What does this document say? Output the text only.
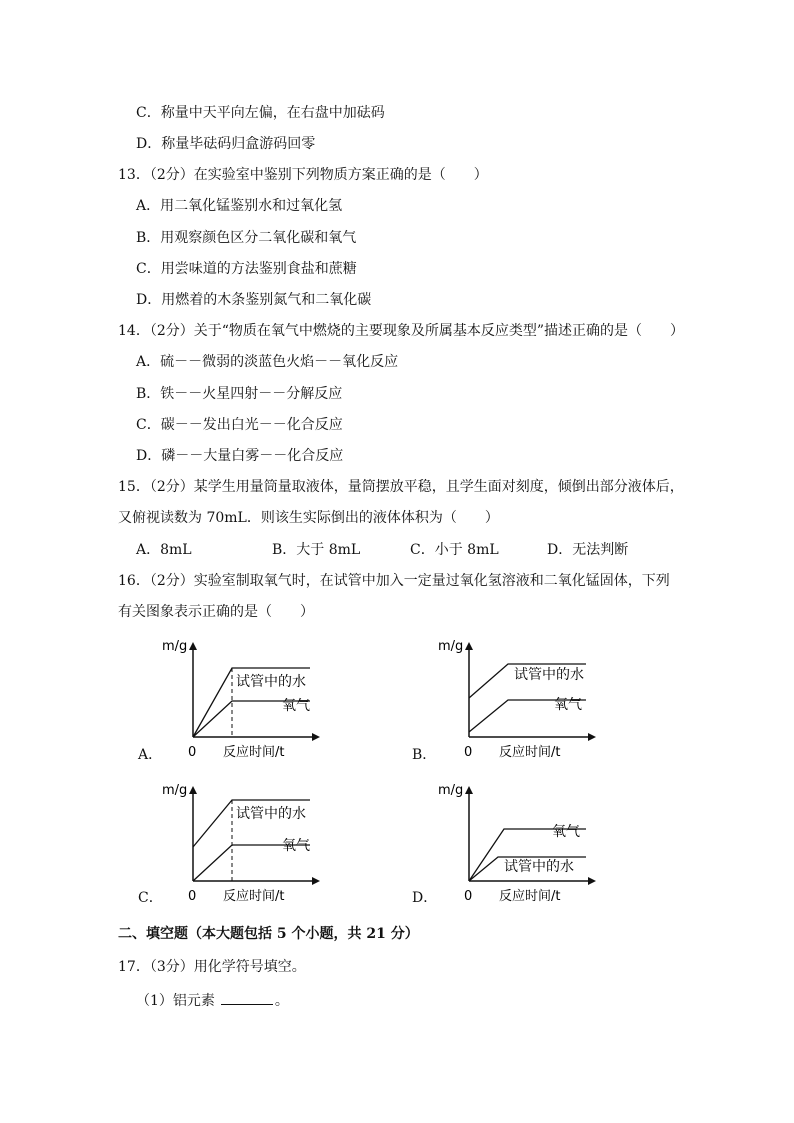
C．称量中天平向左偏，在右盘中加砝码
D．称量毕砝码归盒游码回零
13．（2分）在实验室中鉴别下列物质方案正确的是（　　）
A．用二氧化锰鉴别水和过氧化氢
B．用观察颜色区分二氧化碳和氧气
C．用尝味道的方法鉴别食盐和蔗糖
D．用燃着的木条鉴别氮气和二氧化碳
14．（2分）关于“物质在氧气中燃烧的主要现象及所属基本反应类型”描述正确的是（　　）
A．硫－－微弱的淡蓝色火焰－－氧化反应
B．铁－－火星四射－－分解反应
C．碳－－发出白光－－化合反应
D．磷－－大量白雾－－化合反应
15．（2分）某学生用量筒量取液体，量筒摆放平稳，且学生面对刻度，倾倒出部分液体后，
又俯视读数为 70mL．则该生实际倒出的液体体积为（　　）
A．8mL	B．大于 8mL	C．小于 8mL	D．无法判断
16．（2分）实验室制取氧气时，在试管中加入一定量过氧化氢溶液和二氧化锰固体，下列
有关图象表示正确的是（　　）
A．
m/g
0 反应时间/t
试管中的水
氧气
B．
m/g
0 反应时间/t
试管中的水
氧气
C．
m/g
0 反应时间/t
试管中的水
氧气
D．
m/g
0 反应时间/t
氧气
试管中的水
二、填空题（本大题包括 5 个小题，共 21 分）
17．（3分）用化学符号填空。
（1）铝元素	。
